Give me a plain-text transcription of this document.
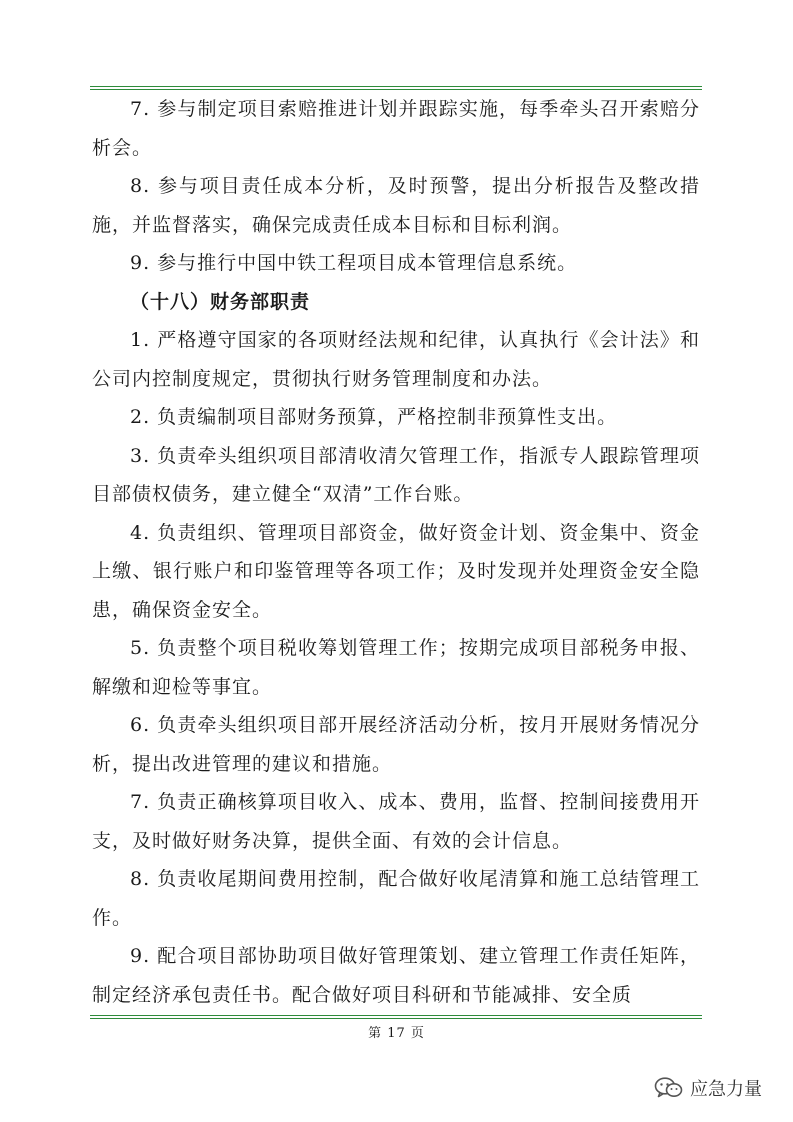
7. 参与制定项目索赔推进计划并跟踪实施，每季牵头召开索赔分析会。

8. 参与项目责任成本分析，及时预警，提出分析报告及整改措施，并监督落实，确保完成责任成本目标和目标利润。

9. 参与推行中国中铁工程项目成本管理信息系统。

（十八）财务部职责

1. 严格遵守国家的各项财经法规和纪律，认真执行《会计法》和公司内控制度规定，贯彻执行财务管理制度和办法。

2. 负责编制项目部财务预算，严格控制非预算性支出。

3. 负责牵头组织项目部清收清欠管理工作，指派专人跟踪管理项目部债权债务，建立健全“双清”工作台账。

4. 负责组织、管理项目部资金，做好资金计划、资金集中、资金上缴、银行账户和印鉴管理等各项工作；及时发现并处理资金安全隐患，确保资金安全。

5. 负责整个项目税收筹划管理工作；按期完成项目部税务申报、解缴和迎检等事宜。

6. 负责牵头组织项目部开展经济活动分析，按月开展财务情况分析，提出改进管理的建议和措施。

7. 负责正确核算项目收入、成本、费用，监督、控制间接费用开支，及时做好财务决算，提供全面、有效的会计信息。

8. 负责收尾期间费用控制，配合做好收尾清算和施工总结管理工作。

9. 配合项目部协助项目做好管理策划、建立管理工作责任矩阵，制定经济承包责任书。配合做好项目科研和节能减排、安全质

第 17 页
应急力量
